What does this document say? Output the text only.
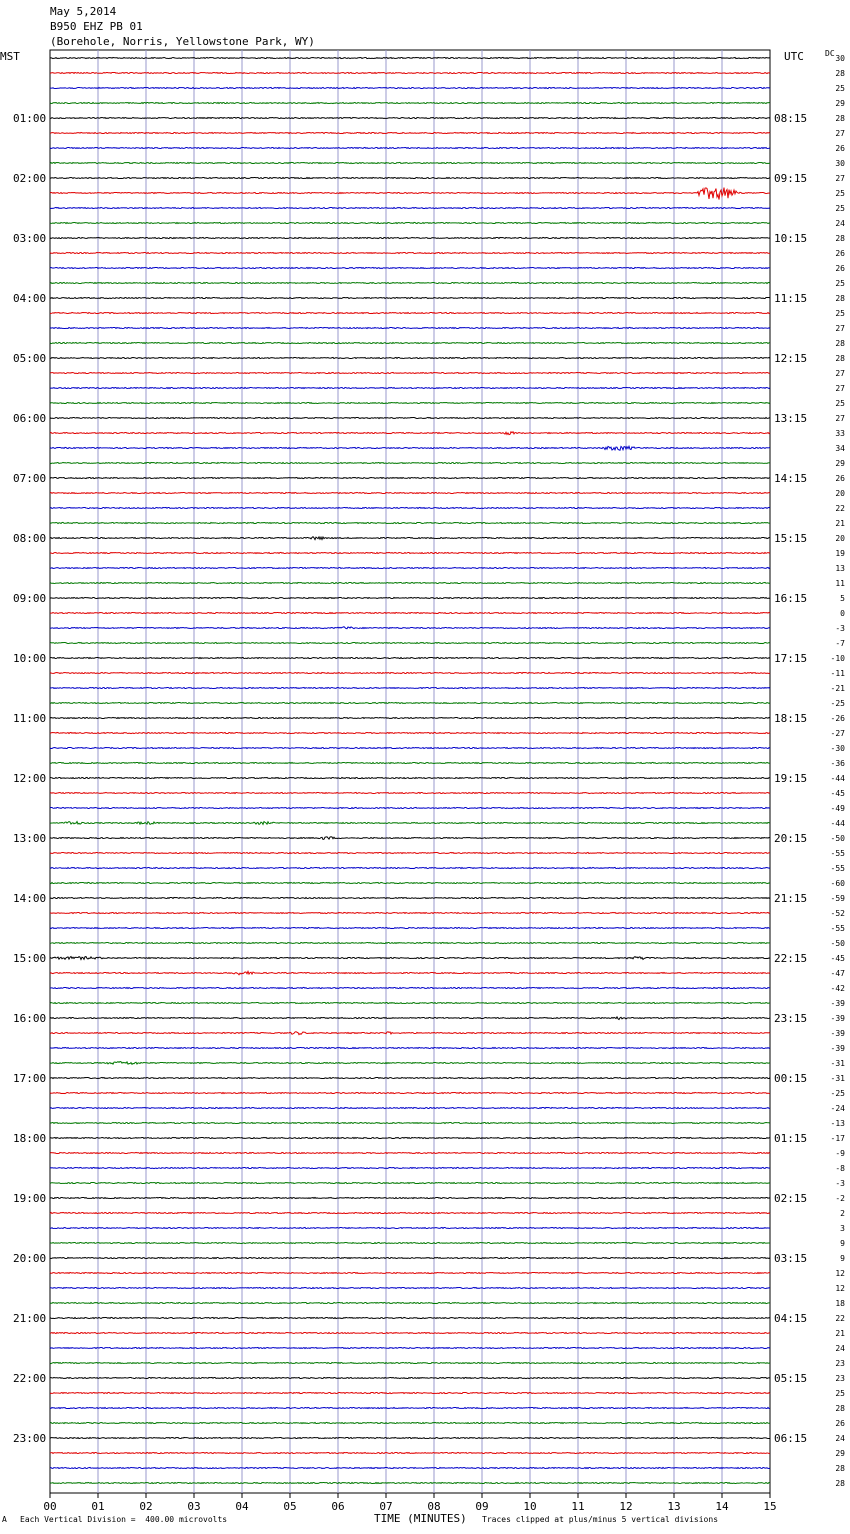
May 5,2014
B950 EHZ PB 01
(Borehole, Norris, Yellowstone Park, WY)
MST	UTC	DC
01:00
02:00
03:00
04:00
05:00
06:00
07:00
08:00
09:00
10:00
11:00
12:00
13:00
14:00
15:00
16:00
17:00
18:00
19:00
20:00
21:00
22:00
23:00
08:15
09:15
10:15
11:15
12:15
13:15
14:15
15:15
16:15
17:15
18:15
19:15
20:15
21:15
22:15
23:15
00:15
01:15
02:15
03:15
04:15
05:15
06:15
30
28
25
29
28
27
26
30
27
25
25
24
28
26
26
25
28
25
27
28
28
27
27
25
27
33
34
29
26
20
22
21
20
19
13
11
5
0
-3
-7
-10
-11
-21
-25
-26
-27
-30
-36
-44
-45
-49
-44
-50
-55
-55
-60
-59
-52
-55
-50
-45
-47
-42
-39
-39
-39
-39
-31
-31
-25
-24
-13
-17
-9
-8
-3
-2
2
3
9
9
12
12
18
22
21
24
23
23
25
28
26
24
29
28
28
00	01	02	03	04	05	06	07	08	09	10	11	12	13	14	15
A Each Vertical Division =  400.00 microvolts	TIME (MINUTES) Traces clipped at plus/minus 5 vertical divisions
